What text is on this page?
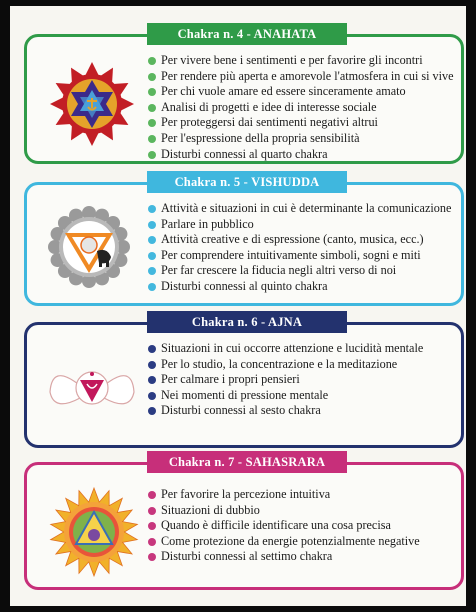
Chakra n. 4 - ANAHATA
Per vivere bene i sentimenti e per favorire gli incontri
Per rendere più aperta e amorevole l'atmosfera in cui si vive
Per chi vuole amare ed essere sinceramente amato
Analisi di progetti e idee di interesse sociale
Per proteggersi dai sentimenti negativi altrui
Per l'espressione della propria sensibilità
Disturbi connessi al quarto chakra
Chakra n. 5 - VISHUDDA
Attività e situazioni in cui è determinante la comunicazione
Parlare in pubblico
Attività creative e di espressione (canto, musica, ecc.)
Per comprendere intuitivamente simboli, sogni e miti
Per far crescere la fiducia negli altri verso di noi
Disturbi connessi al quinto chakra
Chakra n. 6 - AJNA
Situazioni in cui occorre attenzione e lucidità mentale
Per lo studio, la concentrazione e la meditazione
Per calmare i propri pensieri
Nei momenti di pressione mentale
Disturbi connessi al sesto chakra
Chakra n. 7 - SAHASRARA
Per favorire la percezione intuitiva
Situazioni di dubbio
Quando è difficile identificare una cosa precisa
Come protezione da energie potenzialmente negative
Disturbi connessi al settimo chakra
